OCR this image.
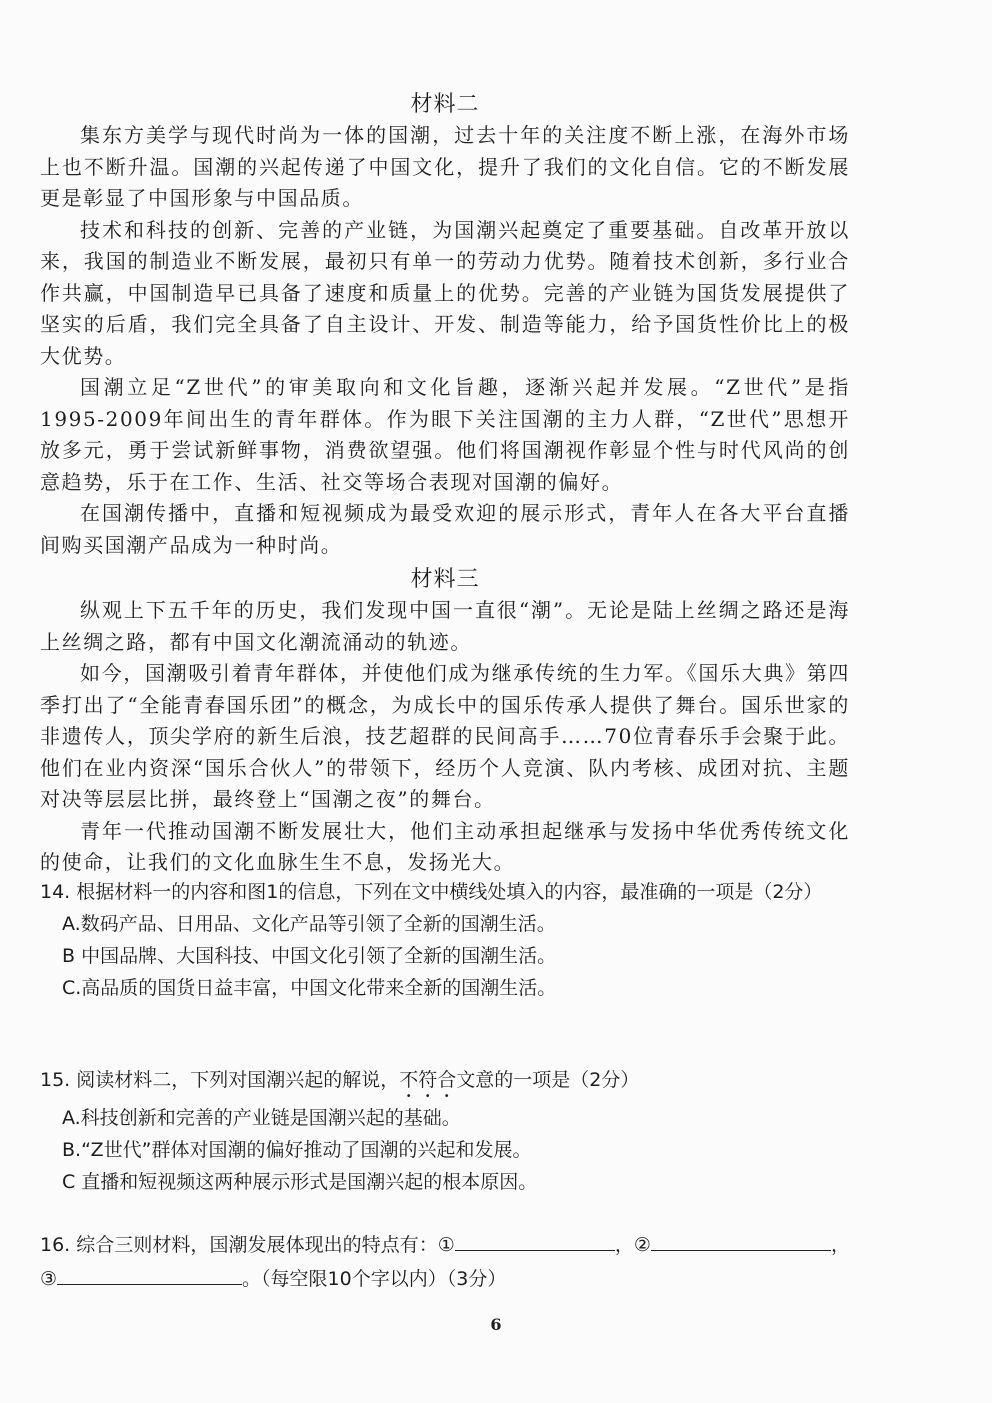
材料二

集东方美学与现代时尚为一体的国潮，过去十年的关注度不断上涨，在海外市场上也不断升温。国潮的兴起传递了中国文化，提升了我们的文化自信。它的不断发展更是彰显了中国形象与中国品质。

技术和科技的创新、完善的产业链，为国潮兴起奠定了重要基础。自改革开放以来，我国的制造业不断发展，最初只有单一的劳动力优势。随着技术创新，多行业合作共赢，中国制造早已具备了速度和质量上的优势。完善的产业链为国货发展提供了坚实的后盾，我们完全具备了自主设计、开发、制造等能力，给予国货性价比上的极大优势。

国潮立足“Z世代”的审美取向和文化旨趣，逐渐兴起并发展。“Z世代”是指1995-2009年间出生的青年群体。作为眼下关注国潮的主力人群，“Z世代”思想开放多元，勇于尝试新鲜事物，消费欲望强。他们将国潮视作彰显个性与时代风尚的创意趋势，乐于在工作、生活、社交等场合表现对国潮的偏好。

在国潮传播中，直播和短视频成为最受欢迎的展示形式，青年人在各大平台直播间购买国潮产品成为一种时尚。

材料三

纵观上下五千年的历史，我们发现中国一直很“潮”。无论是陆上丝绸之路还是海上丝绸之路，都有中国文化潮流涌动的轨迹。

如今，国潮吸引着青年群体，并使他们成为继承传统的生力军。《国乐大典》第四季打出了“全能青春国乐团”的概念，为成长中的国乐传承人提供了舞台。国乐世家的非遗传人，顶尖学府的新生后浪，技艺超群的民间高手……70位青春乐手会聚于此。他们在业内资深“国乐合伙人”的带领下，经历个人竞演、队内考核、成团对抗、主题对决等层层比拼，最终登上“国潮之夜”的舞台。

青年一代推动国潮不断发展壮大，他们主动承担起继承与发扬中华优秀传统文化的使命，让我们的文化血脉生生不息，发扬光大。

14. 根据材料一的内容和图1的信息，下列在文中横线处填入的内容，最准确的一项是（2分）

A.数码产品、日用品、文化产品等引领了全新的国潮生活。
B 中国品牌、大国科技、中国文化引领了全新的国潮生活。
C.高品质的国货日益丰富，中国文化带来全新的国潮生活。

15. 阅读材料二，下列对国潮兴起的解说，不符合文意的一项是（2分）

A.科技创新和完善的产业链是国潮兴起的基础。
B.“Z世代”群体对国潮的偏好推动了国潮的兴起和发展。
C 直播和短视频这两种展示形式是国潮兴起的根本原因。

16. 综合三则材料，国潮发展体现出的特点有：①	，②	，③	。（每空限10个字以内）（3分）

6
